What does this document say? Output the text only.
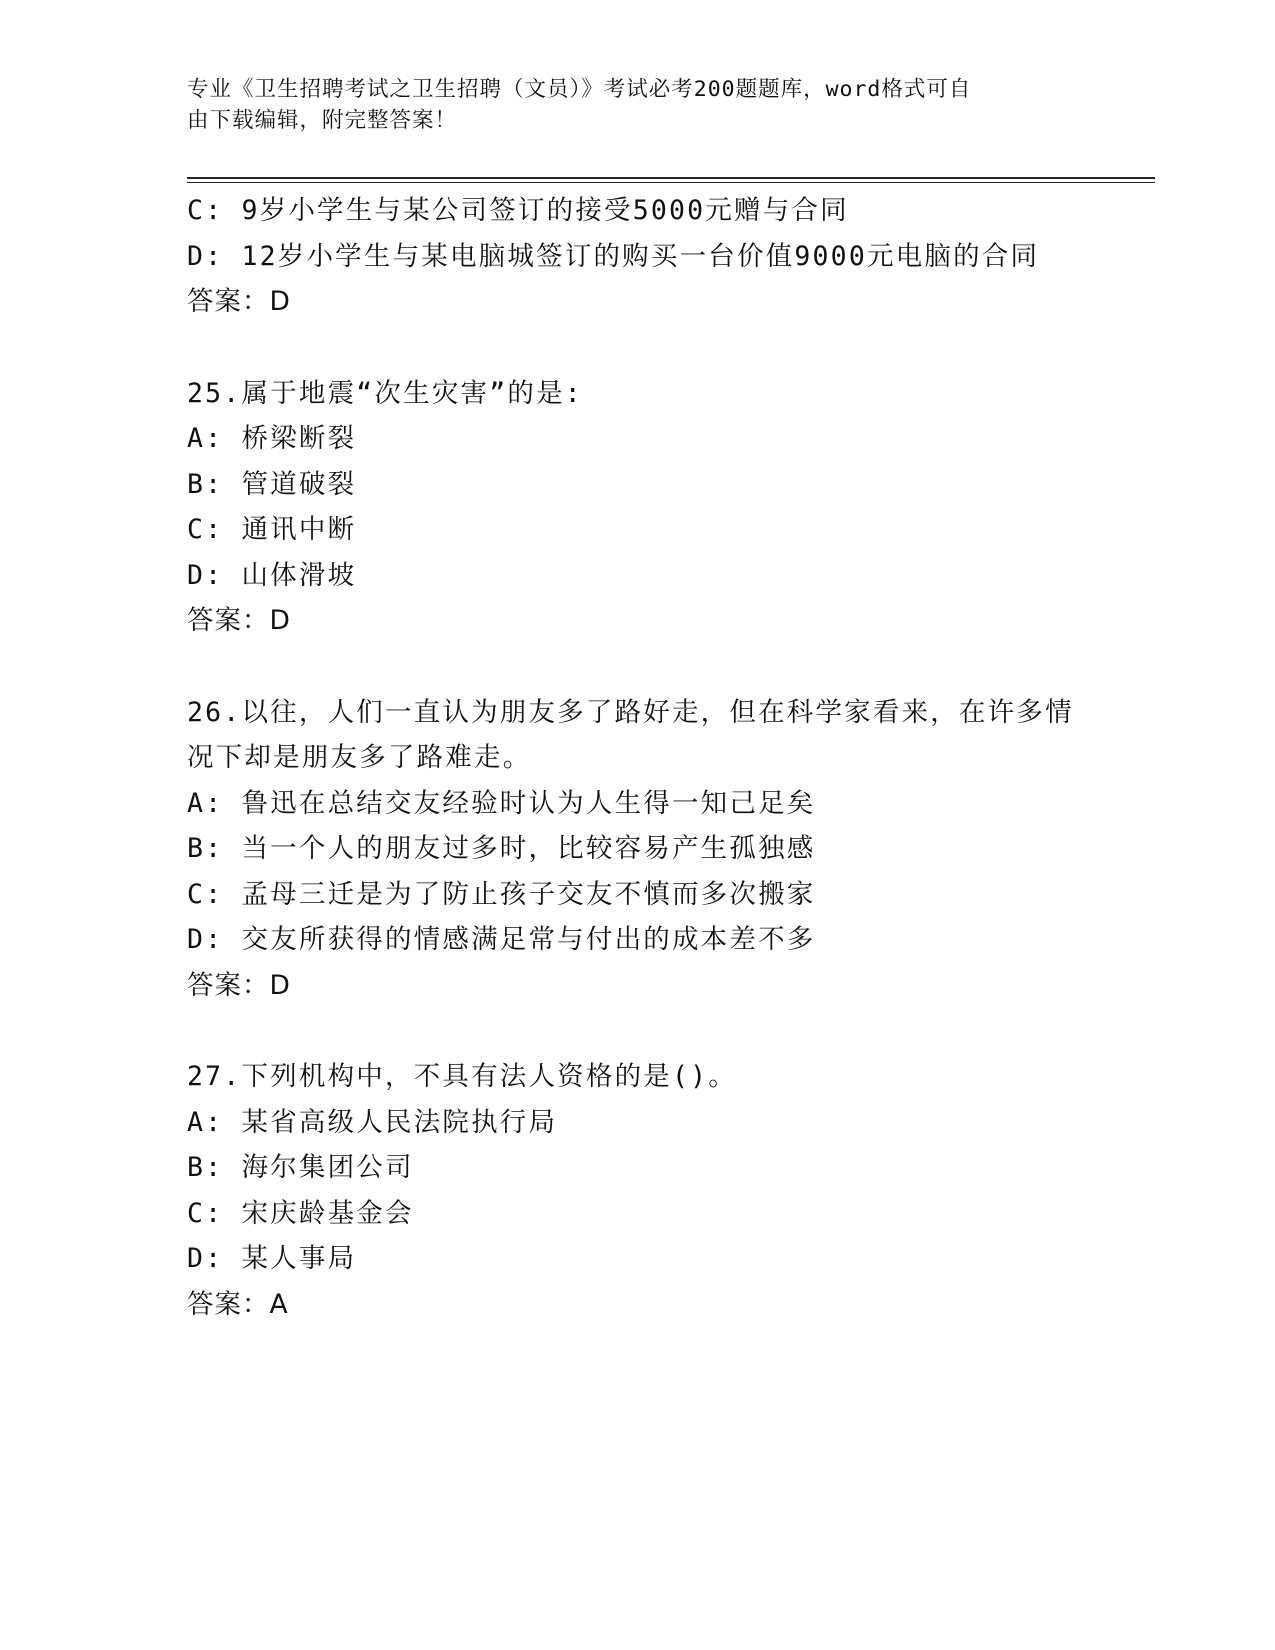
专业《卫生招聘考试之卫生招聘（文员）》考试必考200题题库，word格式可自
由下载编辑，附完整答案！
C: 9岁小学生与某公司签订的接受5000元赠与合同
D: 12岁小学生与某电脑城签订的购买一台价值9000元电脑的合同
答案：D
25.属于地震“次生灾害”的是:
A: 桥梁断裂
B: 管道破裂
C: 通讯中断
D: 山体滑坡
答案：D
26.以往，人们一直认为朋友多了路好走，但在科学家看来，在许多情
况下却是朋友多了路难走。
A: 鲁迅在总结交友经验时认为人生得一知己足矣
B: 当一个人的朋友过多时，比较容易产生孤独感
C: 孟母三迁是为了防止孩子交友不慎而多次搬家
D: 交友所获得的情感满足常与付出的成本差不多
答案：D
27.下列机构中，不具有法人资格的是()。
A: 某省高级人民法院执行局
B: 海尔集团公司
C: 宋庆龄基金会
D: 某人事局
答案：A
